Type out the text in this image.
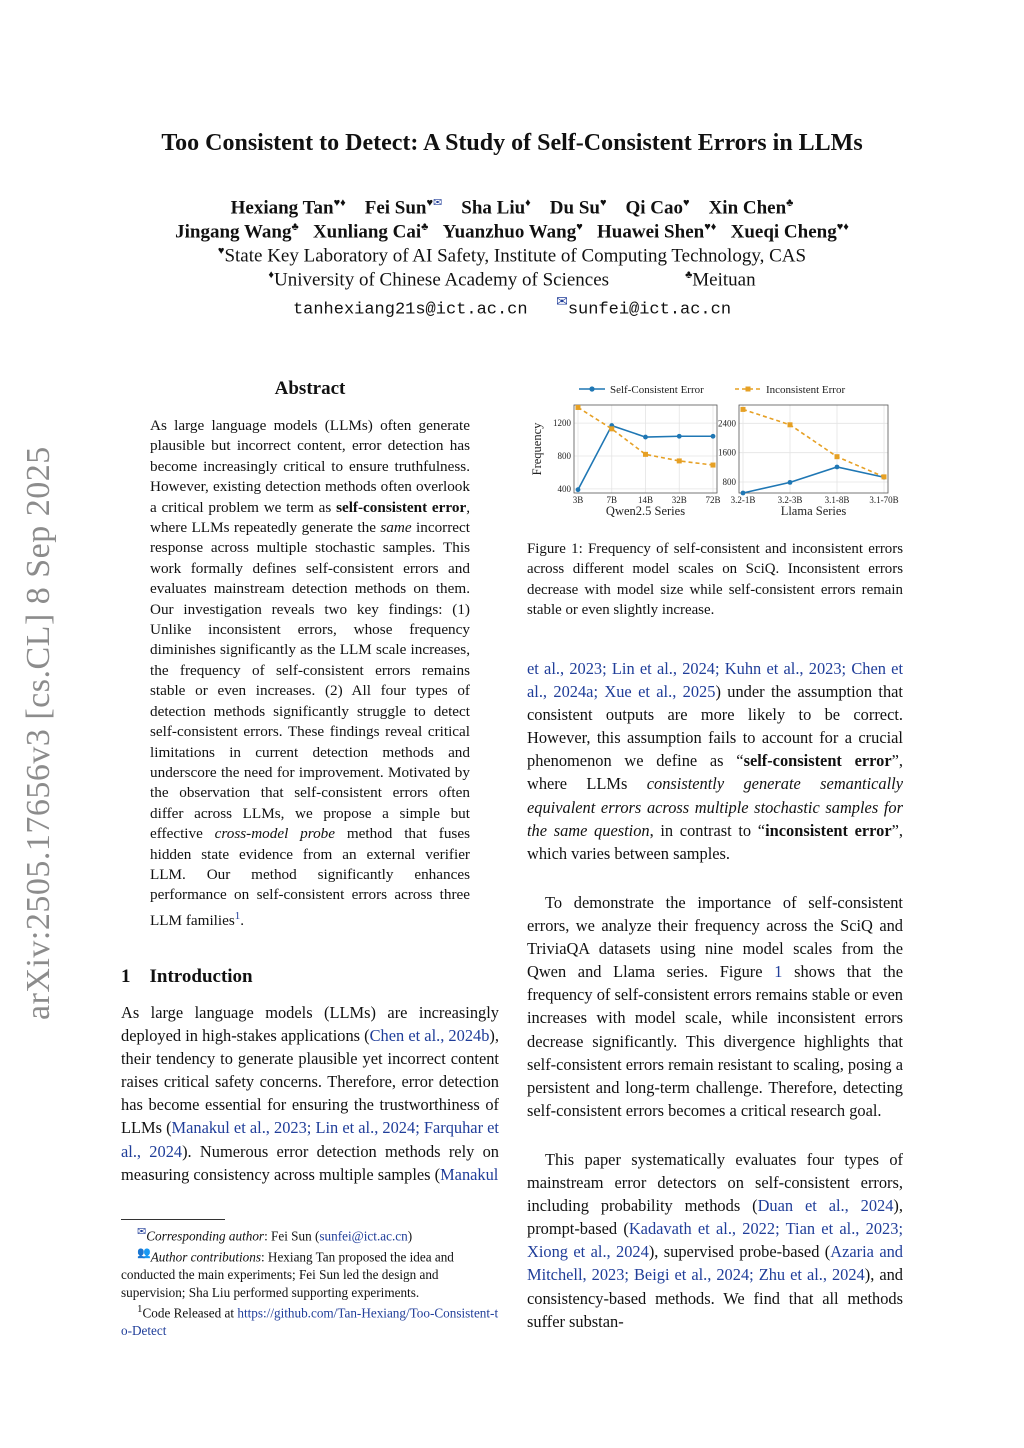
arXiv:2505.17656v3 [cs.CL] 8 Sep 2025
Too Consistent to Detect: A Study of Self-Consistent Errors in LLMs
Hexiang Tan♥♦ Fei Sun♥✉ Sha Liu♦ Du Su♥ Qi Cao♥ Xin Chen♣
Jingang Wang♣ Xunliang Cai♣ Yuanzhuo Wang♥ Huawei Shen♥♦ Xueqi Cheng♥♦
♥State Key Laboratory of AI Safety, Institute of Computing Technology, CAS
♦University of Chinese Academy of Sciences	♣Meituan
tanhexiang21s@ict.ac.cn ✉sunfei@ict.ac.cn
Abstract
As large language models (LLMs) often generate plausible but incorrect content, error detection has become increasingly critical to ensure truthfulness. However, existing detection methods often overlook a critical problem we term as self-consistent error, where LLMs repeatedly generate the same incorrect response across multiple stochastic samples. This work formally defines self-consistent errors and evaluates mainstream detection methods on them. Our investigation reveals two key findings: (1) Unlike inconsistent errors, whose frequency diminishes significantly as the LLM scale increases, the frequency of self-consistent errors remains stable or even increases. (2) All four types of detection methods significantly struggle to detect self-consistent errors. These findings reveal critical limitations in current detection methods and underscore the need for improvement. Motivated by the observation that self-consistent errors often differ across LLMs, we propose a simple but effective cross-model probe method that fuses hidden state evidence from an external verifier LLM. Our method significantly enhances performance on self-consistent errors across three LLM families$^1$.
1 Introduction
As large language models (LLMs) are increasingly deployed in high-stakes applications (Chen et al., 2024b), their tendency to generate plausible yet incorrect content raises critical safety concerns. Therefore, error detection has become essential for ensuring the trustworthiness of LLMs (Manakul et al., 2023; Lin et al., 2024; Farquhar et al., 2024). Numerous error detection methods rely on measuring consistency across multiple samples (Manakul
✉Corresponding author: Fei Sun (sunfei@ict.ac.cn)
👥Author contributions: Hexiang Tan proposed the idea and conducted the main experiments; Fei Sun led the design and supervision; Sha Liu performed supporting experiments.
$^1$Code Released at https://github.com/Tan-Hexiang/Too-Consistent-to-Detect
Self-Consistent Error	Inconsistent Error
400
800
1200
3B	7B 14B 32B 72B
Qwen2.5 Series
Frequency
800
1600
2400
3.2-1B 3.2-3B 3.1-8B 3.1-70B
Llama Series
Figure 1: Frequency of self-consistent and inconsistent errors across different model scales on SciQ. Inconsistent errors decrease with model size while self-consistent errors remain stable or even slightly increase.
et al., 2023; Lin et al., 2024; Kuhn et al., 2023; Chen et al., 2024a; Xue et al., 2025) under the assumption that consistent outputs are more likely to be correct. However, this assumption fails to account for a crucial phenomenon we define as “self-consistent error”, where LLMs consistently generate semantically equivalent errors across multiple stochastic samples for the same question, in contrast to “inconsistent error”, which varies between samples.
To demonstrate the importance of self-consistent errors, we analyze their frequency across the SciQ and TriviaQA datasets using nine model scales from the Qwen and Llama series. Figure 1 shows that the frequency of self-consistent errors remains stable or even increases with model scale, while inconsistent errors decrease significantly. This divergence highlights that self-consistent errors remain resistant to scaling, posing a persistent and long-term challenge. Therefore, detecting self-consistent errors becomes a critical research goal.
This paper systematically evaluates four types of mainstream error detectors on self-consistent errors, including probability methods (Duan et al., 2024), prompt-based (Kadavath et al., 2022; Tian et al., 2023; Xiong et al., 2024), supervised probe-based (Azaria and Mitchell, 2023; Beigi et al., 2024; Zhu et al., 2024), and consistency-based methods. We find that all methods suffer substan-
